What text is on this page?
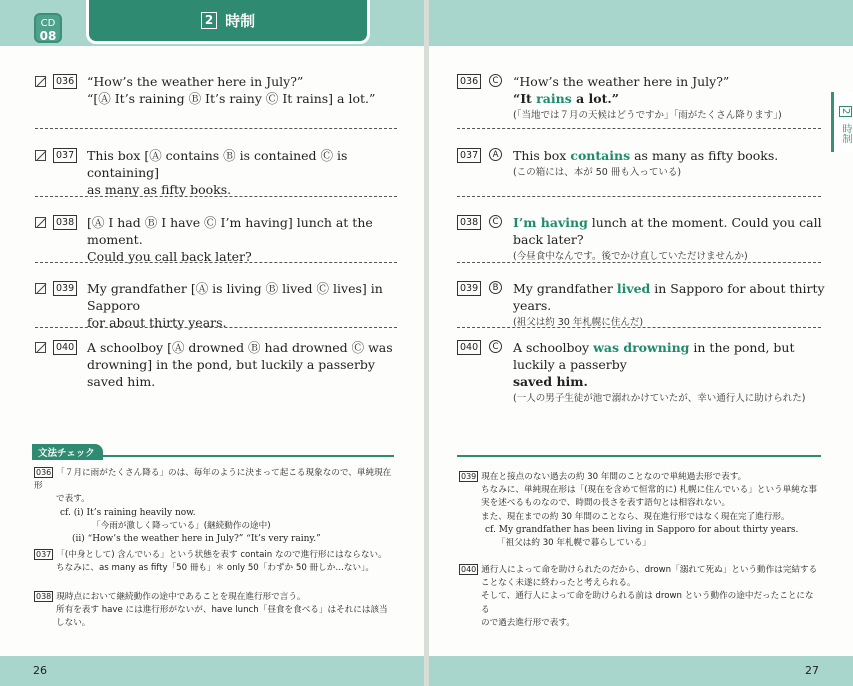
CD
08
2 時制
2 時制
036 “How’s the weather here in July?”
“[Ⓐ It’s raining Ⓑ It’s rainy Ⓒ It rains] a lot.”
037 This box [Ⓐ contains Ⓑ is contained Ⓒ is containing]
as many as fifty books.
038 [Ⓐ I had Ⓑ I have Ⓒ I’m having] lunch at the moment.
Could you call back later?
039 My grandfather [Ⓐ is living Ⓑ lived Ⓒ lives] in Sapporo
for about thirty years.
040 A schoolboy [Ⓐ drowned Ⓑ had drowned Ⓒ was
drowning] in the pond, but luckily a passerby saved him.
036	C “How’s the weather here in July?”
“It rains a lot.”
(「当地では７月の天候はどうですか」「雨がたくさん降ります」)
037	A This box contains as many as fifty books.
(この箱には、本が 50 冊も入っている)
038	C I’m having lunch at the moment. Could you call back later?
(今昼食中なんです。後でかけ直していただけませんか)
039	B My grandfather lived in Sapporo for about thirty years.
(祖父は約 30 年札幌に住んだ)
040	C A schoolboy was drowning in the pond, but luckily a passerby
saved him.
(一人の男子生徒が池で溺れかけていたが、幸い通行人に助けられた)
文法チェック
036 「７月に雨がたくさん降る」のは、毎年のように決まって起こる現象なので、単純現在形
で表す。
cf. (i) It’s raining heavily now.
「今雨が激しく降っている」(継続動作の途中)
(ii) “How’s the weather here in July?” “It’s very rainy.”
037 「(中身として) 含んでいる」という状態を表す contain なので進行形にはならない。
ちなみに、as many as fifty「50 冊も」＊ only 50「わずか 50 冊しか…ない」。
038 現時点において継続動作の途中であることを現在進行形で言う。
所有を表す have には進行形がないが、have lunch「昼食を食べる」はそれには該当しない。
039 現在と接点のない過去の約 30 年間のことなので単純過去形で表す。
ちなみに、単純現在形は「(現在を含めて恒常的に) 札幌に住んでいる」という単純な事
実を述べるものなので、時間の長さを表す語句とは相容れない。
また、現在までの約 30 年間のことなら、現在進行形ではなく現在完了進行形。
cf. My grandfather has been living in Sapporo for about thirty years.
「祖父は約 30 年札幌で暮らしている」
040 通行人によって命を助けられたのだから、drown「溺れて死ぬ」という動作は完結する
ことなく未遂に終わったと考えられる。
そして、通行人によって命を助けられる前は drown という動作の途中だったことになる
ので過去進行形で表す。
26	27
